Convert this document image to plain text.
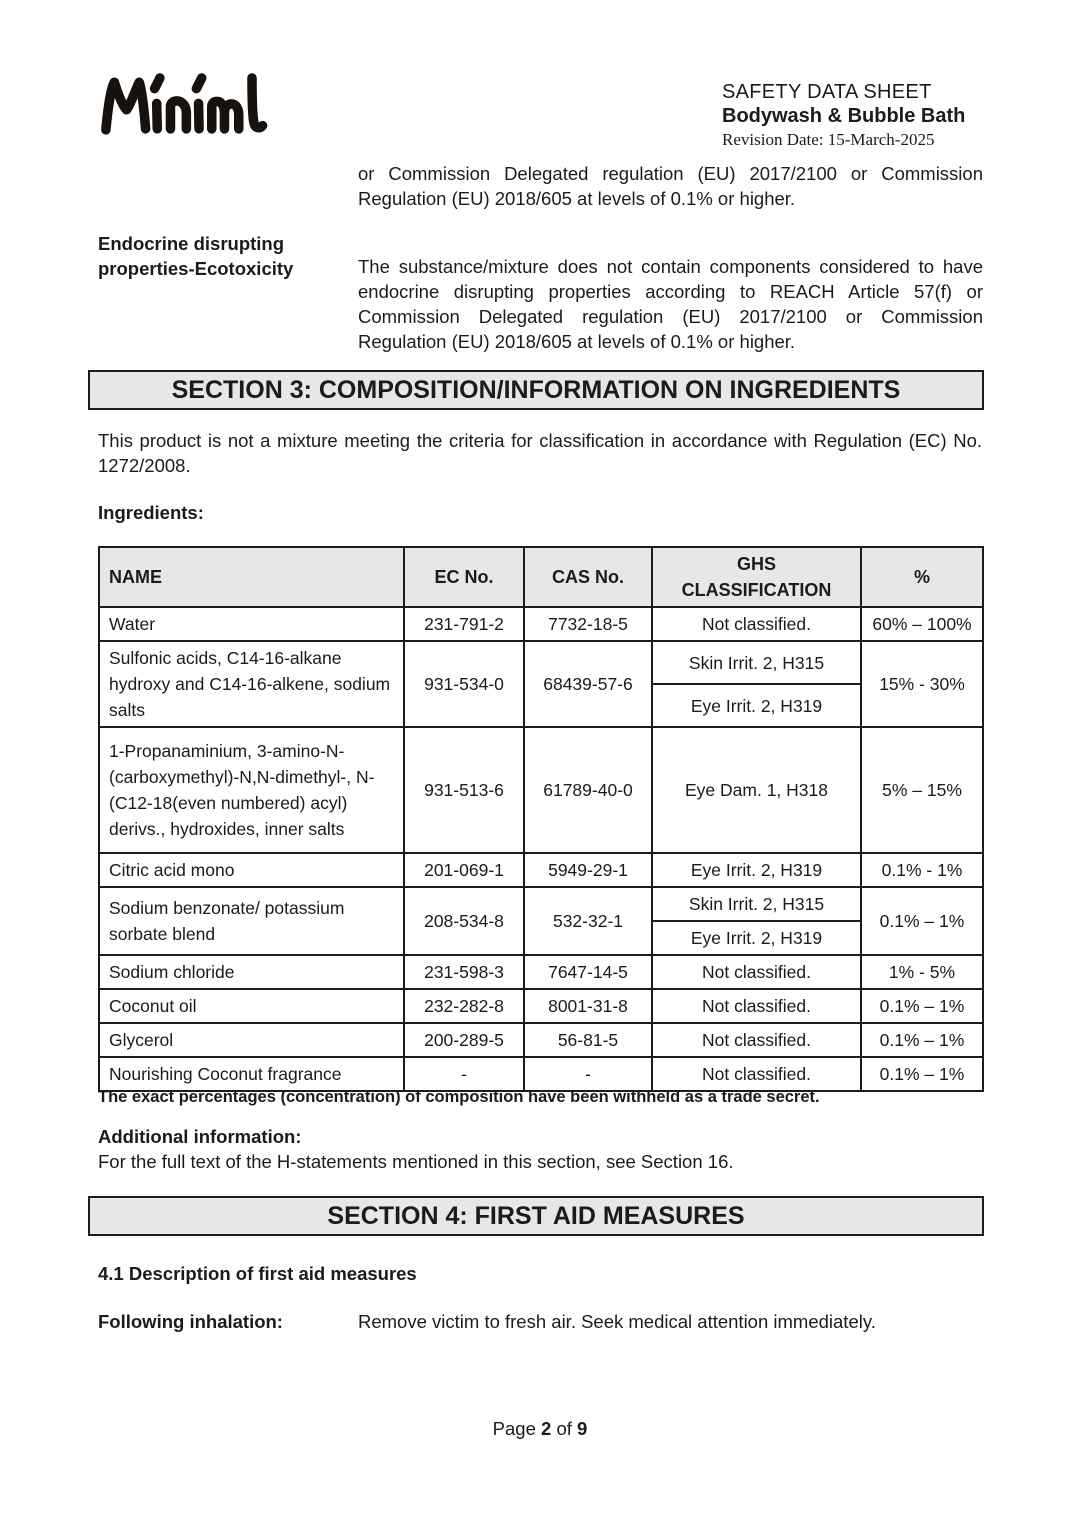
SAFETY DATA SHEET
Bodywash & Bubble Bath
Revision Date: 15-March-2025
or Commission Delegated regulation (EU) 2017/2100 or Commission Regulation (EU) 2018/605 at levels of 0.1% or higher.
Endocrine disrupting properties-Ecotoxicity	The substance/mixture does not contain components considered to have endocrine disrupting properties according to REACH Article 57(f) or Commission Delegated regulation (EU) 2017/2100 or Commission Regulation (EU) 2018/605 at levels of 0.1% or higher.
SECTION 3: COMPOSITION/INFORMATION ON INGREDIENTS
This product is not a mixture meeting the criteria for classification in accordance with Regulation (EC) No. 1272/2008.
Ingredients:
NAME	EC No.	CAS No.	GHS CLASSIFICATION	%
Water	231-791-2	7732-18-5	Not classified.	60% – 100%
Sulfonic acids, C14-16-alkane hydroxy and C14-16-alkene, sodium salts	931-534-0	68439-57-6	Skin Irrit. 2, H315	15% - 30%
			Eye Irrit. 2, H319	
1-Propanaminium, 3-amino-N-(carboxymethyl)-N,N-dimethyl-, N-(C12-18(even numbered) acyl) derivs., hydroxides, inner salts	931-513-6	61789-40-0	Eye Dam. 1, H318	5% – 15%
Citric acid mono	201-069-1	5949-29-1	Eye Irrit. 2, H319	0.1% - 1%
Sodium benzonate/ potassium sorbate blend	208-534-8	532-32-1	Skin Irrit. 2, H315	0.1% – 1%
			Eye Irrit. 2, H319	
Sodium chloride	231-598-3	7647-14-5	Not classified.	1% - 5%
Coconut oil	232-282-8	8001-31-8	Not classified.	0.1% – 1%
Glycerol	200-289-5	56-81-5	Not classified.	0.1% – 1%
Nourishing Coconut fragrance	-	-	Not classified.	0.1% – 1%
The exact percentages (concentration) of composition have been withheld as a trade secret.
Additional information:
For the full text of the H-statements mentioned in this section, see Section 16.
SECTION 4: FIRST AID MEASURES
4.1 Description of first aid measures
Following inhalation:	Remove victim to fresh air. Seek medical attention immediately.
Page 2 of 9
